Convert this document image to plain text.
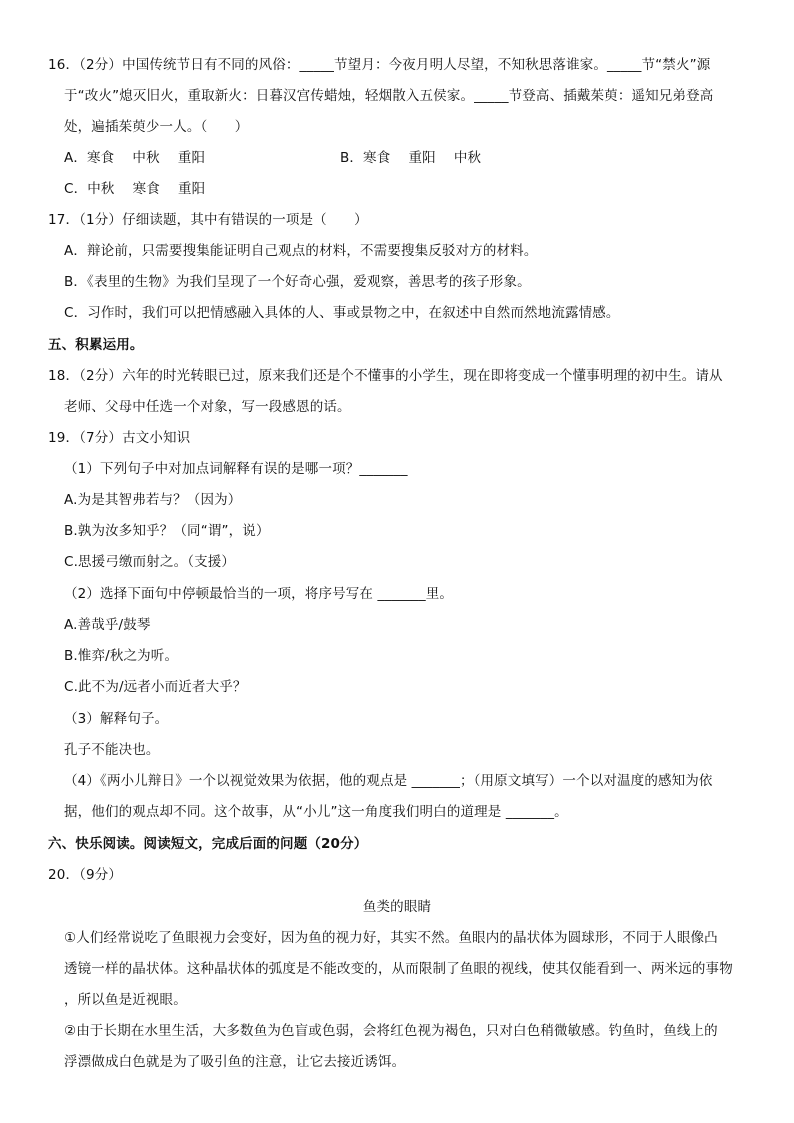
16．（2分）中国传统节日有不同的风俗：_____节望月：今夜月明人尽望，不知秋思落谁家。_____节“禁火”源
于“改火”熄灭旧火，重取新火：日暮汉宫传蜡烛，轻烟散入五侯家。_____节登高、插戴茱萸：遥知兄弟登高
处，遍插茱萸少一人。（　　）
A．寒食　 中秋　 重阳	B．寒食　 重阳　 中秋
C．中秋　 寒食　 重阳
17．（1分）仔细读题，其中有错误的一项是（　　）
A．辩论前，只需要搜集能证明自己观点的材料，不需要搜集反驳对方的材料。
B．《表里的生物》为我们呈现了一个好奇心强，爱观察，善思考的孩子形象。
C．习作时，我们可以把情感融入具体的人、事或景物之中，在叙述中自然而然地流露情感。
五、积累运用。
18．（2分）六年的时光转眼已过，原来我们还是个不懂事的小学生，现在即将变成一个懂事明理的初中生。请从
老师、父母中任选一个对象，写一段感恩的话。
19．（7分）古文小知识
（1）下列句子中对加点词解释有误的是哪一项？_______
A.为是其智弗若与？（因为）
B.孰为汝多知乎？（同“谓”，说）
C.思援弓缴而射之。（支援）
（2）选择下面句中停顿最恰当的一项，将序号写在 _______里。
A.善哉乎/鼓琴
B.惟弈/秋之为听。
C.此不为/远者小而近者大乎？
（3）解释句子。
孔子不能决也。
（4）《两小儿辩日》一个以视觉效果为依据，他的观点是 _______；（用原文填写）一个以对温度的感知为依
据，他们的观点却不同。这个故事，从“小儿”这一角度我们明白的道理是 _______。
六、快乐阅读。阅读短文，完成后面的问题（20分）
20．（9分）
鱼类的眼睛
①人们经常说吃了鱼眼视力会变好，因为鱼的视力好，其实不然。鱼眼内的晶状体为圆球形，不同于人眼像凸
透镜一样的晶状体。这种晶状体的弧度是不能改变的，从而限制了鱼眼的视线，使其仅能看到一、两米远的事物
，所以鱼是近视眼。
②由于长期在水里生活，大多数鱼为色盲或色弱，会将红色视为褐色，只对白色稍微敏感。钓鱼时，鱼线上的
浮漂做成白色就是为了吸引鱼的注意，让它去接近诱饵。
